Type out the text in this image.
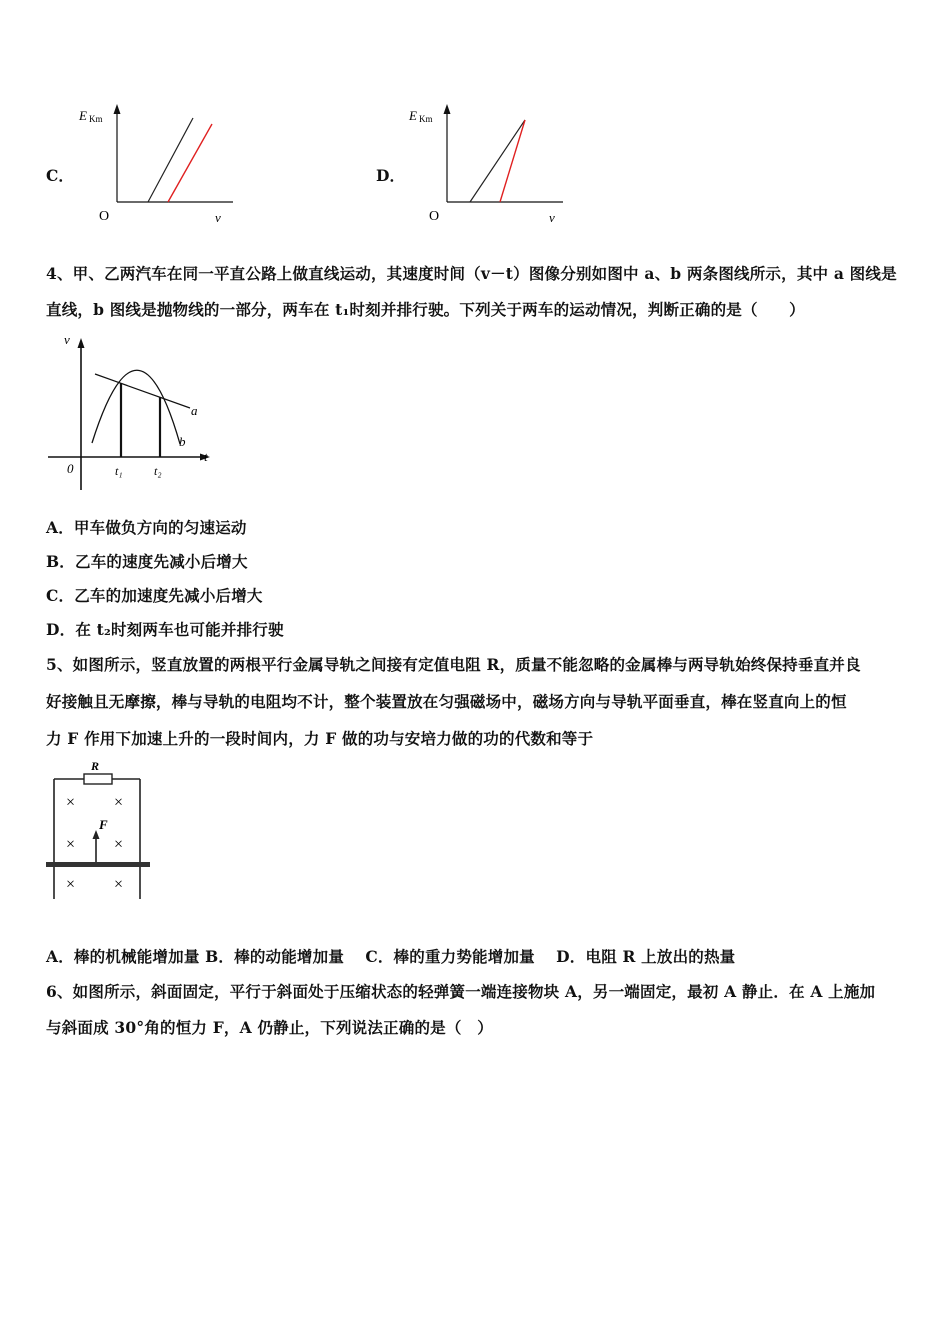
C．
E Km
O	v
D．
E Km
O	v
4、甲、乙两汽车在同一平直公路上做直线运动，其速度时间（v－t）图像分别如图中 a、b 两条图线所示，其中 a 图线是
直线，b 图线是抛物线的一部分，两车在 t₁时刻并排行驶。下列关于两车的运动情况，判断正确的是（　　）
v
t
0	t₁	t₂
a
b
A．甲车做负方向的匀速运动
B．乙车的速度先减小后增大
C．乙车的加速度先减小后增大
D．在 t₂时刻两车也可能并排行驶
5、如图所示，竖直放置的两根平行金属导轨之间接有定值电阻 R，质量不能忽略的金属棒与两导轨始终保持垂直并良
好接触且无摩擦，棒与导轨的电阻均不计，整个装置放在匀强磁场中，磁场方向与导轨平面垂直，棒在竖直向上的恒
力 F 作用下加速上升的一段时间内，力 F 做的功与安培力做的功的代数和等于
R
× ×
× ×
× ×
F
A．棒的机械能增加量 B．棒的动能增加量　 C．棒的重力势能增加量　 D．电阻 R 上放出的热量
6、如图所示，斜面固定，平行于斜面处于压缩状态的轻弹簧一端连接物块 A，另一端固定，最初 A 静止．在 A 上施加
与斜面成 30°角的恒力 F，A 仍静止，下列说法正确的是（　）
